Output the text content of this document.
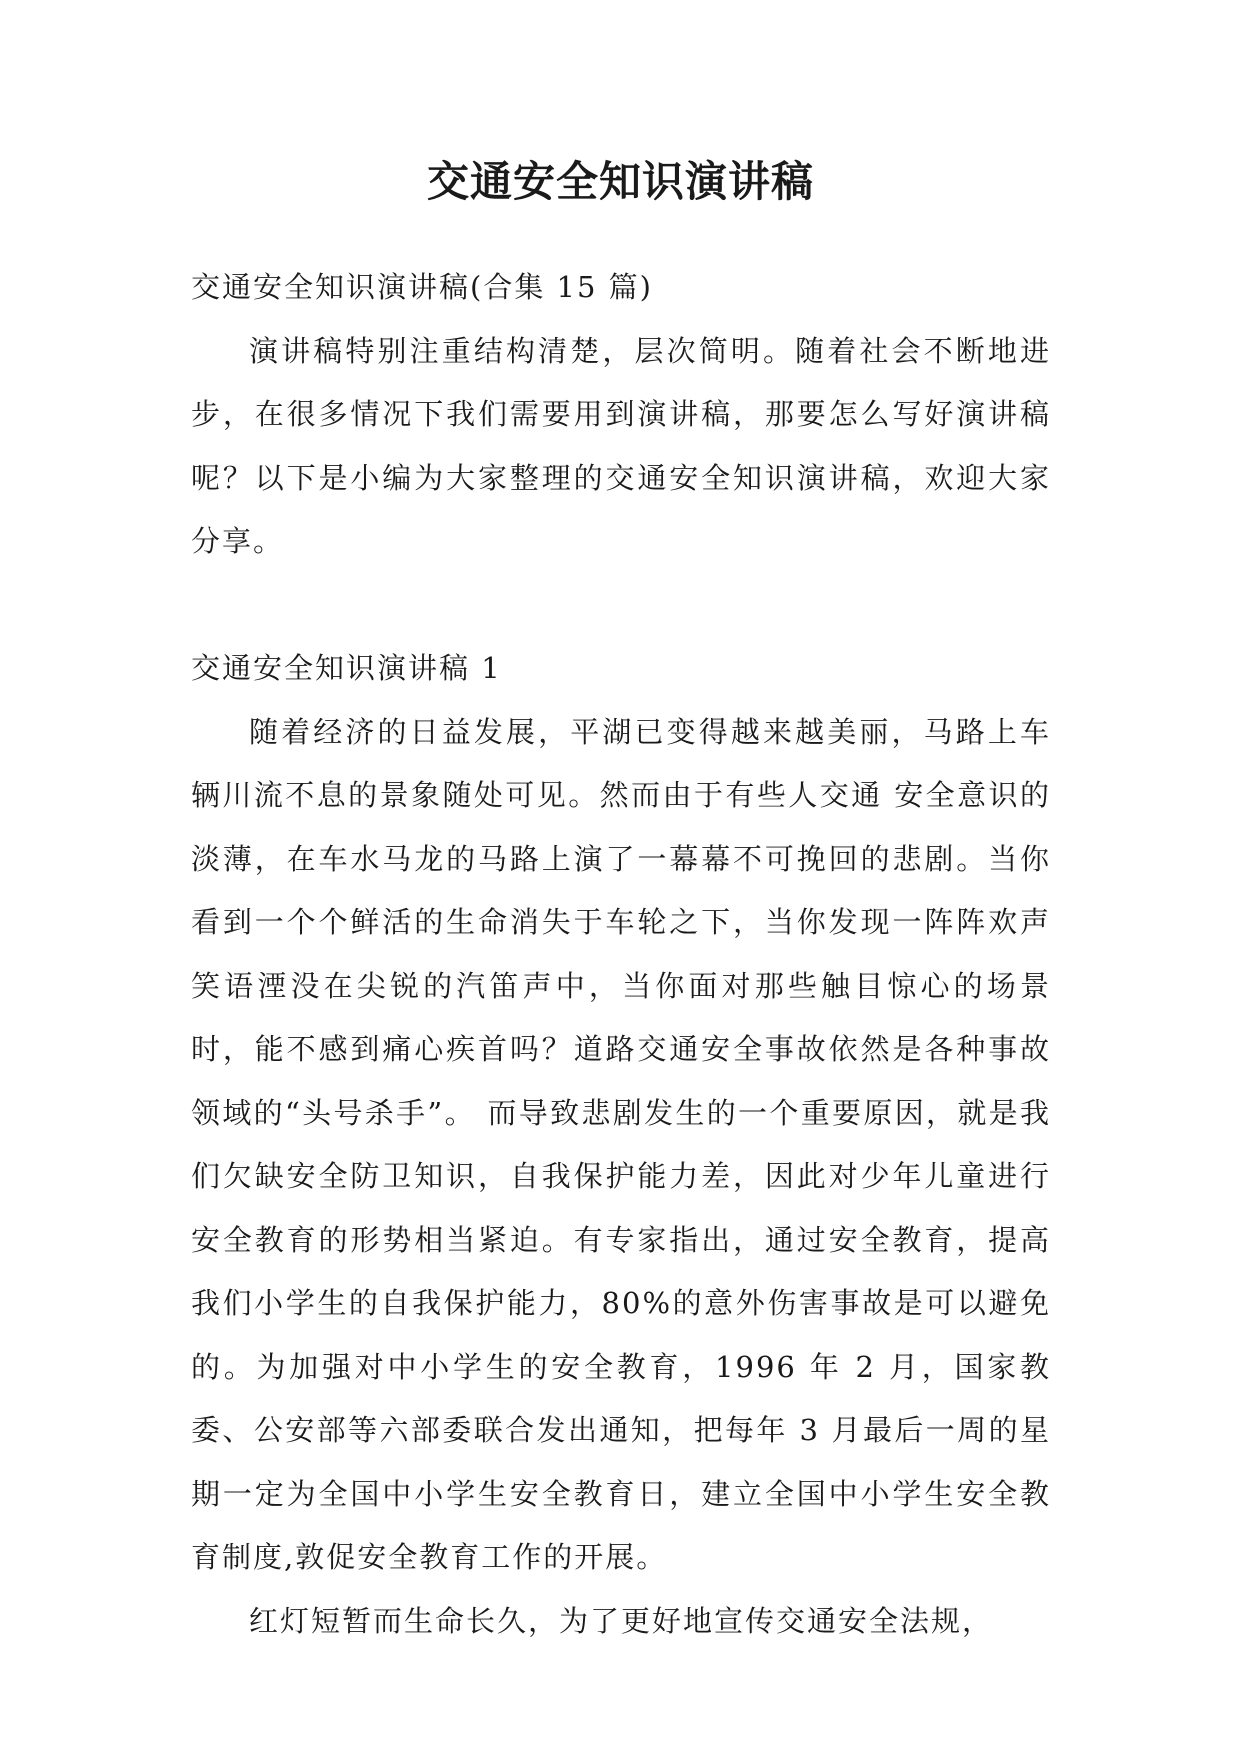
交通安全知识演讲稿

交通安全知识演讲稿(合集 15 篇)

演讲稿特别注重结构清楚，层次简明。随着社会不断地进步，在很多情况下我们需要用到演讲稿，那要怎么写好演讲稿呢？以下是小编为大家整理的交通安全知识演讲稿，欢迎大家分享。

交通安全知识演讲稿 1

随着经济的日益发展，平湖已变得越来越美丽，马路上车辆川流不息的景象随处可见。然而由于有些人交通 安全意识的淡薄，在车水马龙的马路上演了一幕幕不可挽回的悲剧。当你看到一个个鲜活的生命消失于车轮之下，当你发现一阵阵欢声笑语湮没在尖锐的汽笛声中，当你面对那些触目惊心的场景时，能不感到痛心疾首吗？道路交通安全事故依然是各种事故领域的“头号杀手”。 而导致悲剧发生的一个重要原因，就是我们欠缺安全防卫知识，自我保护能力差，因此对少年儿童进行安全教育的形势相当紧迫。有专家指出，通过安全教育，提高我们小学生的自我保护能力，80%的意外伤害事故是可以避免的。为加强对中小学生的安全教育，1996 年 2 月，国家教委、公安部等六部委联合发出通知，把每年 3 月最后一周的星期一定为全国中小学生安全教育日，建立全国中小学生安全教育制度,敦促安全教育工作的开展。

红灯短暂而生命长久，为了更好地宣传交通安全法规，
